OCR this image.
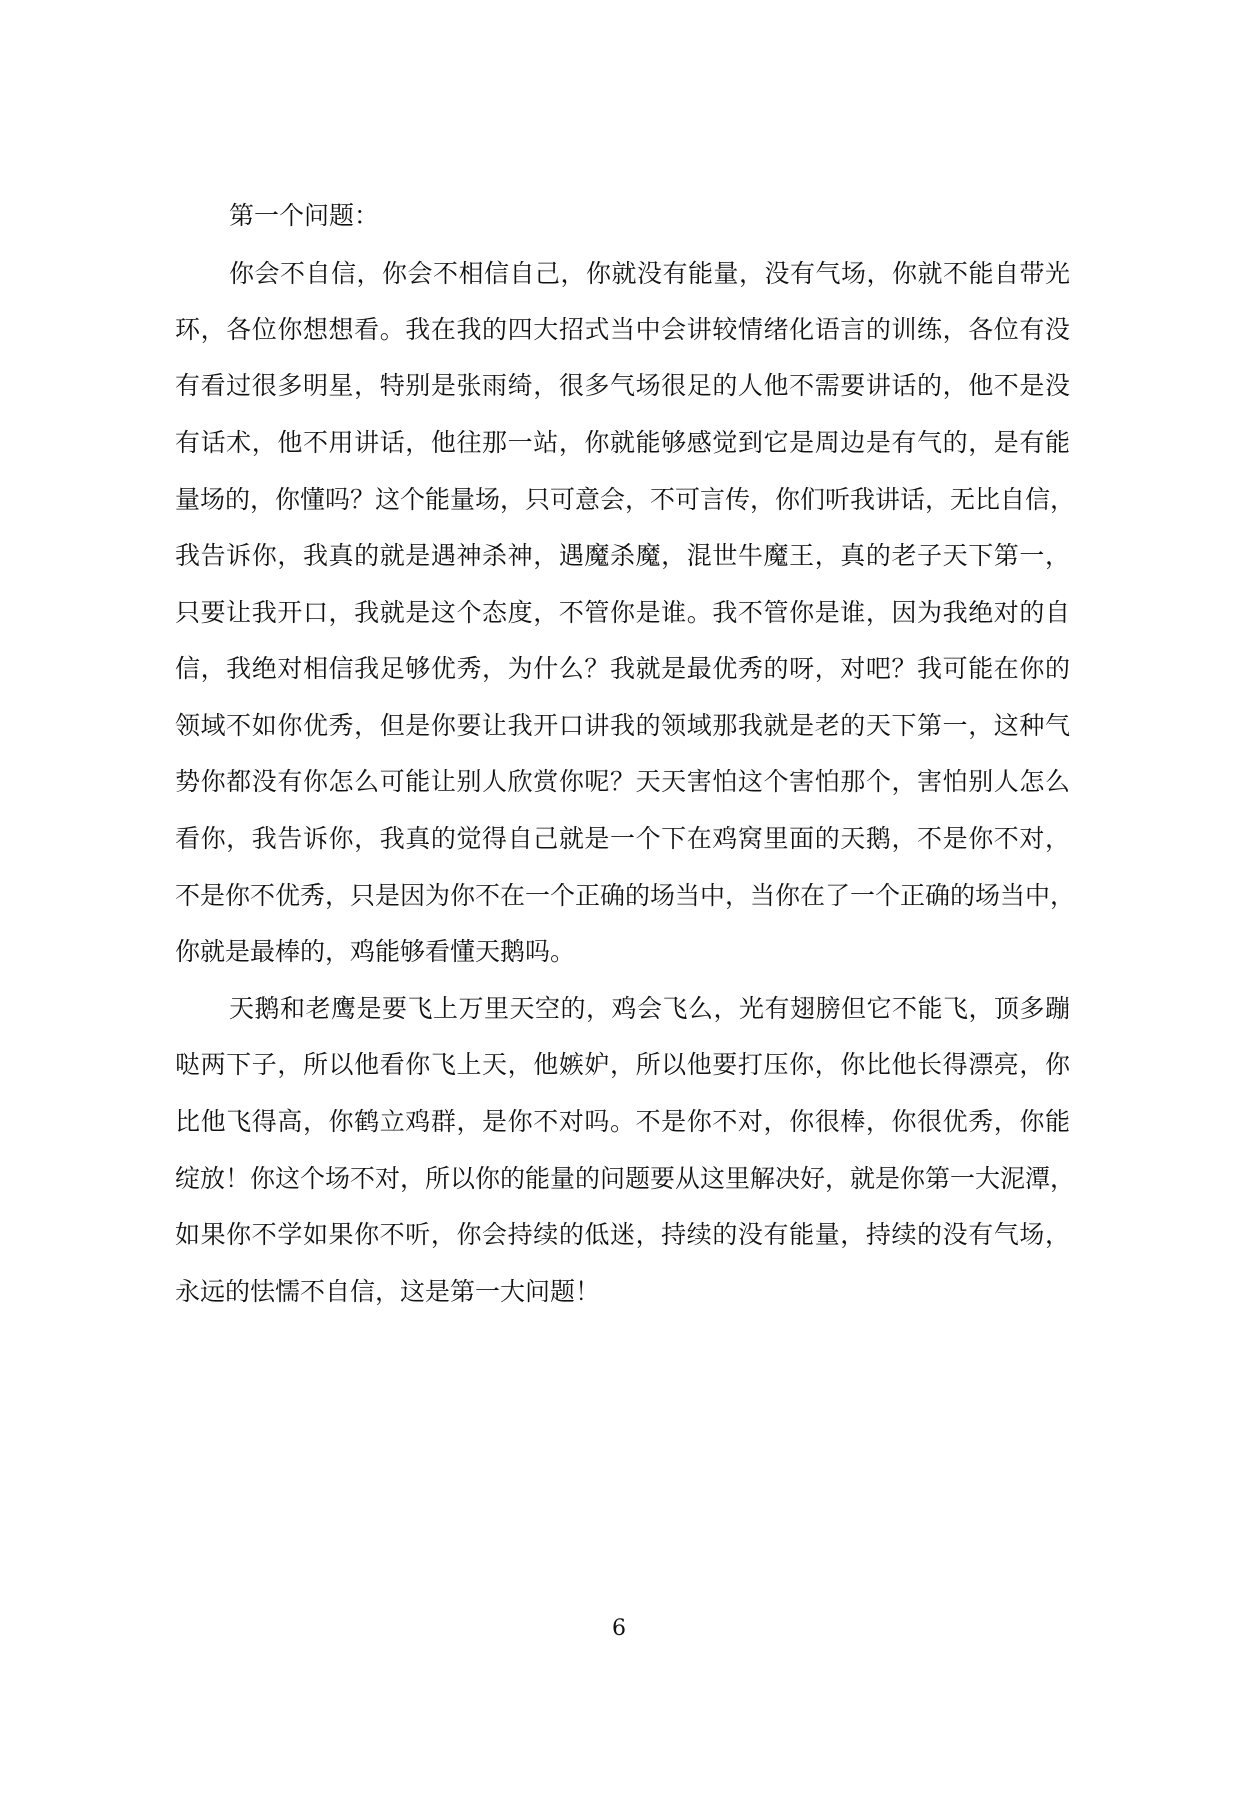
第一个问题：
你会不自信，你会不相信自己，你就没有能量，没有气场，你就不能自带光
环，各位你想想看。我在我的四大招式当中会讲较情绪化语言的训练，各位有没
有看过很多明星，特别是张雨绮，很多气场很足的人他不需要讲话的，他不是没
有话术，他不用讲话，他往那一站，你就能够感觉到它是周边是有气的，是有能
量场的，你懂吗？这个能量场，只可意会，不可言传，你们听我讲话，无比自信，
我告诉你，我真的就是遇神杀神，遇魔杀魔，混世牛魔王，真的老子天下第一，
只要让我开口，我就是这个态度，不管你是谁。我不管你是谁，因为我绝对的自
信，我绝对相信我足够优秀，为什么？我就是最优秀的呀，对吧？我可能在你的
领域不如你优秀，但是你要让我开口讲我的领域那我就是老的天下第一，这种气
势你都没有你怎么可能让别人欣赏你呢？天天害怕这个害怕那个，害怕别人怎么
看你，我告诉你，我真的觉得自己就是一个下在鸡窝里面的天鹅，不是你不对，
不是你不优秀，只是因为你不在一个正确的场当中，当你在了一个正确的场当中，
你就是最棒的，鸡能够看懂天鹅吗。
天鹅和老鹰是要飞上万里天空的，鸡会飞么，光有翅膀但它不能飞，顶多蹦
哒两下子，所以他看你飞上天，他嫉妒，所以他要打压你，你比他长得漂亮，你
比他飞得高，你鹤立鸡群，是你不对吗。不是你不对，你很棒，你很优秀，你能
绽放！你这个场不对，所以你的能量的问题要从这里解决好，就是你第一大泥潭，
如果你不学如果你不听，你会持续的低迷，持续的没有能量，持续的没有气场，
永远的怯懦不自信，这是第一大问题！
6
